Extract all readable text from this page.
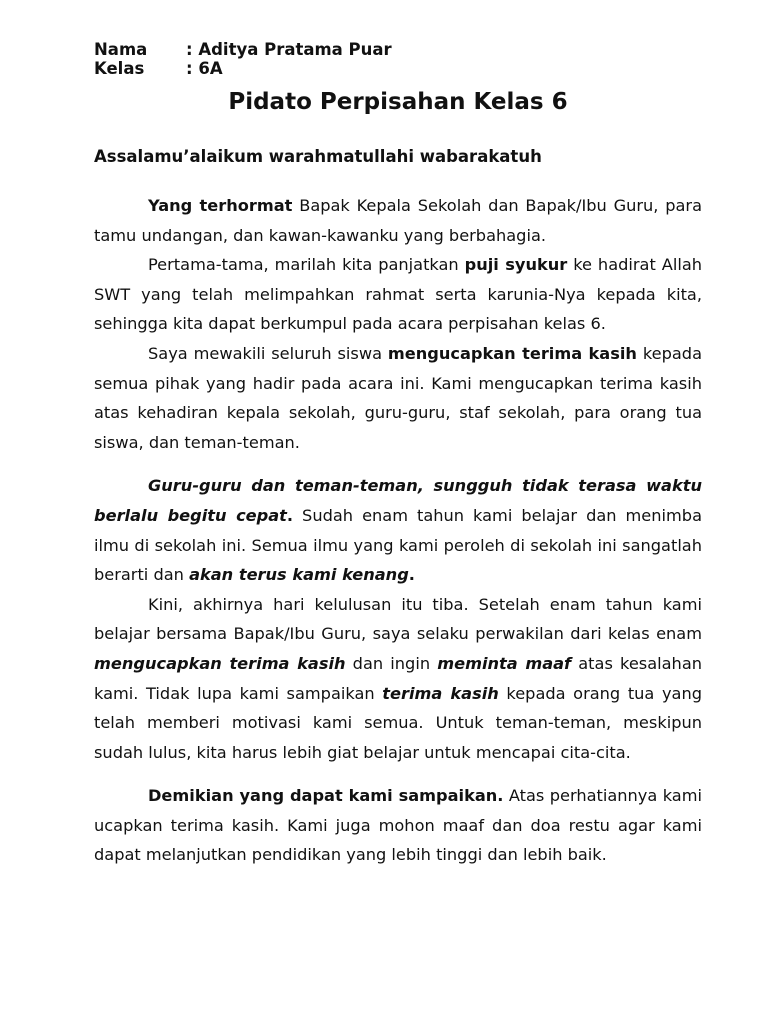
Nama	: Aditya Pratama Puar
Kelas	: 6A
Pidato Perpisahan Kelas 6
Assalamu’alaikum warahmatullahi wabarakatuh

Yang terhormat Bapak Kepala Sekolah dan Bapak/Ibu Guru, para tamu undangan, dan kawan-kawanku yang berbahagia.

Pertama-tama, marilah kita panjatkan puji syukur ke hadirat Allah SWT yang telah melimpahkan rahmat serta karunia-Nya kepada kita, sehingga kita dapat berkumpul pada acara perpisahan kelas 6.

Saya mewakili seluruh siswa mengucapkan terima kasih kepada semua pihak yang hadir pada acara ini. Kami mengucapkan terima kasih atas kehadiran kepala sekolah, guru-guru, staf sekolah, para orang tua siswa, dan teman-teman.

Guru-guru dan teman-teman, sungguh tidak terasa waktu berlalu begitu cepat. Sudah enam tahun kami belajar dan menimba ilmu di sekolah ini. Semua ilmu yang kami peroleh di sekolah ini sangatlah berarti dan akan terus kami kenang.

Kini, akhirnya hari kelulusan itu tiba. Setelah enam tahun kami belajar bersama Bapak/Ibu Guru, saya selaku perwakilan dari kelas enam mengucapkan terima kasih dan ingin meminta maaf atas kesalahan kami. Tidak lupa kami sampaikan terima kasih kepada orang tua yang telah memberi motivasi kami semua. Untuk teman-teman, meskipun sudah lulus, kita harus lebih giat belajar untuk mencapai cita-cita.

Demikian yang dapat kami sampaikan. Atas perhatiannya kami ucapkan terima kasih. Kami juga mohon maaf dan doa restu agar kami dapat melanjutkan pendidikan yang lebih tinggi dan lebih baik.
